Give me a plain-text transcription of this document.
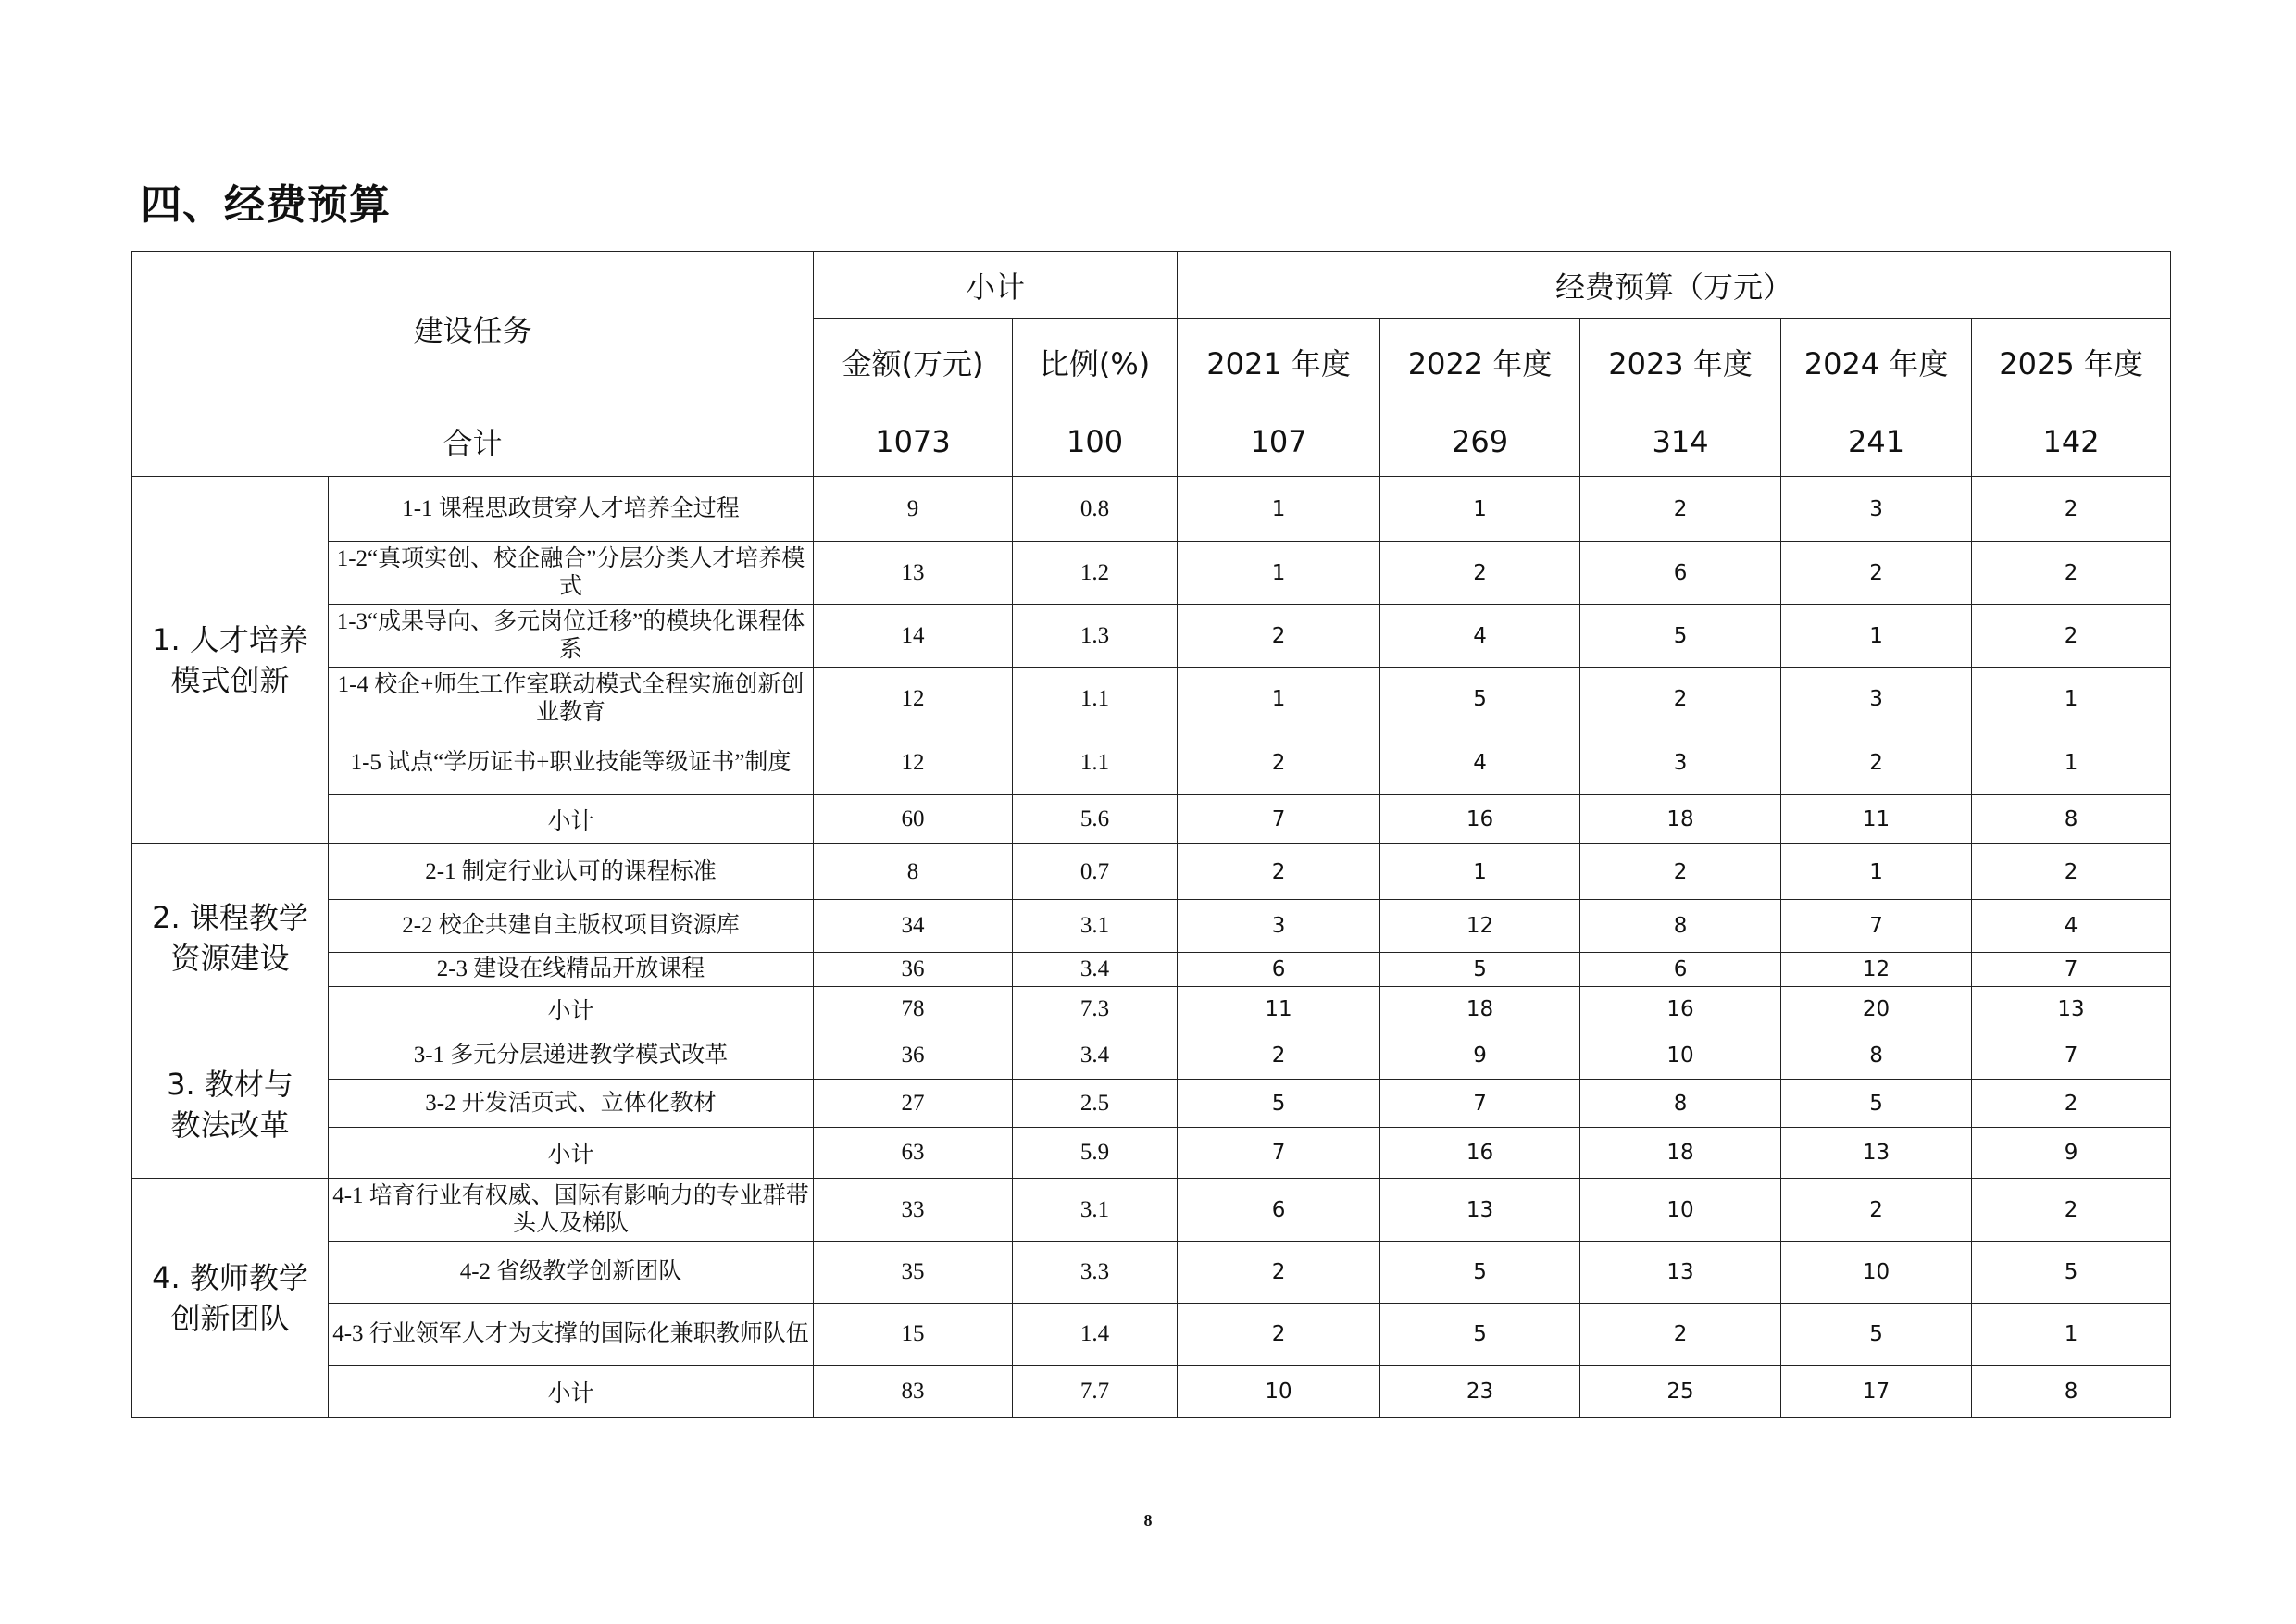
四、经费预算
建设任务		小计		经费预算（万元）				
		金额(万元)	比例(%)	2021 年度	2022 年度	2023 年度	2024 年度	2025 年度
合计		1073	100	107	269	314	241	142

1. 人才培养
模式创新	1-1 课程思政贯穿人才培养全过程	9	0.8	1	1	2	3	2
	1-2“真项实创、校企融合”分层分类人才培养模式	13	1.2	1	2	6	2	2
	1-3“成果导向、多元岗位迁移”的模块化课程体系	14	1.3	2	4	5	1	2
	1-4 校企+师生工作室联动模式全程实施创新创业教育	12	1.1	1	5	2	3	1
	1-5 试点“学历证书+职业技能等级证书”制度	12	1.1	2	4	3	2	1
	小计	60	5.6	7	16	18	11	8

2. 课程教学
资源建设	2-1 制定行业认可的课程标准	8	0.7	2	1	2	1	2
	2-2 校企共建自主版权项目资源库	34	3.1	3	12	8	7	4
	2-3 建设在线精品开放课程	36	3.4	6	5	6	12	7
	小计	78	7.3	11	18	16	20	13

3. 教材与
教法改革	3-1 多元分层递进教学模式改革	36	3.4	2	9	10	8	7
	3-2 开发活页式、立体化教材	27	2.5	5	7	8	5	2
	小计	63	5.9	7	16	18	13	9

4. 教师教学
创新团队	4-1 培育行业有权威、国际有影响力的专业群带头人及梯队	33	3.1	6	13	10	2	2
	4-2 省级教学创新团队	35	3.3	2	5	13	10	5
	4-3 行业领军人才为支撑的国际化兼职教师队伍	15	1.4	2	5	2	5	1
	小计	83	7.7	10	23	25	17	8
8
